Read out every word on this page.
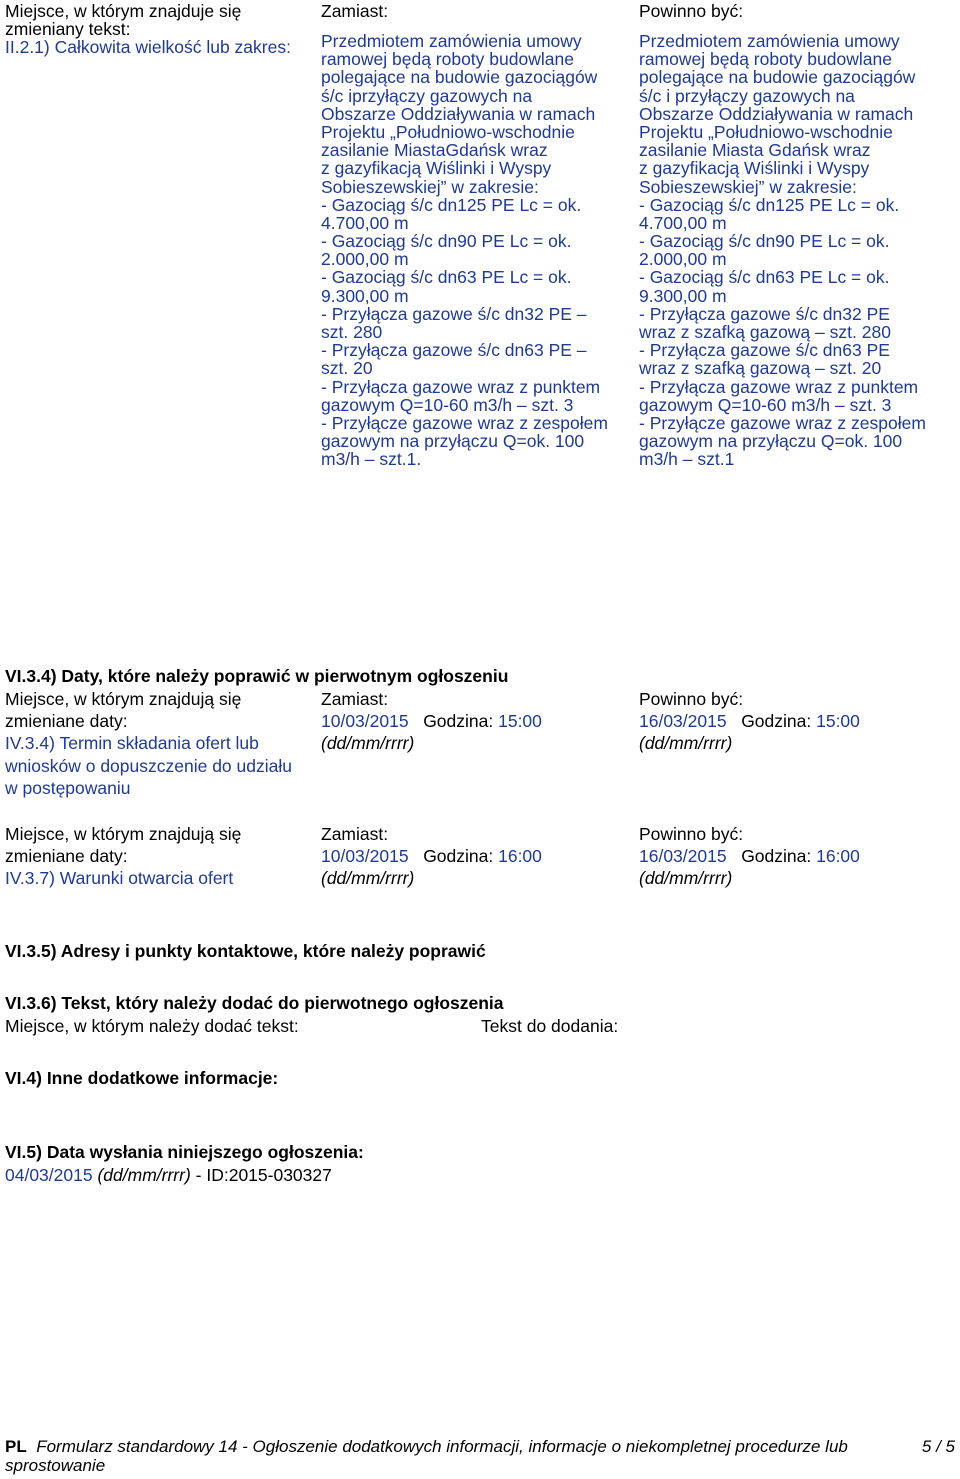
Miejsce, w którym znajduje się
zmieniany tekst:
II.2.1) Całkowita wielkość lub zakres:
Zamiast:	Powinno być:
Przedmiotem zamówienia umowy
ramowej będą roboty budowlane
polegające na budowie gazociągów
ś/c iprzyłączy gazowych na
Obszarze Oddziaływania w ramach
Projektu „Południowo-wschodnie
zasilanie MiastaGdańsk wraz
z gazyfikacją Wiślinki i Wyspy
Sobieszewskiej” w zakresie:
- Gazociąg ś/c dn125 PE Lc = ok.
4.700,00 m
- Gazociąg ś/c dn90 PE Lc = ok.
2.000,00 m
- Gazociąg ś/c dn63 PE Lc = ok.
9.300,00 m
- Przyłącza gazowe ś/c dn32 PE –
szt. 280
- Przyłącza gazowe ś/c dn63 PE –
szt. 20
- Przyłącza gazowe wraz z punktem
gazowym Q=10-60 m3/h – szt. 3
- Przyłącze gazowe wraz z zespołem
gazowym na przyłączu Q=ok. 100
m3/h – szt.1.
Przedmiotem zamówienia umowy
ramowej będą roboty budowlane
polegające na budowie gazociągów
ś/c i przyłączy gazowych na
Obszarze Oddziaływania w ramach
Projektu „Południowo-wschodnie
zasilanie Miasta Gdańsk wraz
z gazyfikacją Wiślinki i Wyspy
Sobieszewskiej” w zakresie:
- Gazociąg ś/c dn125 PE Lc = ok.
4.700,00 m
- Gazociąg ś/c dn90 PE Lc = ok.
2.000,00 m
- Gazociąg ś/c dn63 PE Lc = ok.
9.300,00 m
- Przyłącza gazowe ś/c dn32 PE
wraz z szafką gazową – szt. 280
- Przyłącza gazowe ś/c dn63 PE
wraz z szafką gazową – szt. 20
- Przyłącza gazowe wraz z punktem
gazowym Q=10-60 m3/h – szt. 3
- Przyłącze gazowe wraz z zespołem
gazowym na przyłączu Q=ok. 100
m3/h – szt.1
VI.3.4) Daty, które należy poprawić w pierwotnym ogłoszeniu
Miejsce, w którym znajdują się
zmieniane daty:
IV.3.4) Termin składania ofert lub
wniosków o dopuszczenie do udziału
w postępowaniu
Zamiast:
10/03/2015 Godzina: 15:00
(dd/mm/rrrr)
Powinno być:
16/03/2015 Godzina: 15:00
(dd/mm/rrrr)
Miejsce, w którym znajdują się
zmieniane daty:
IV.3.7) Warunki otwarcia ofert
Zamiast:
10/03/2015 Godzina: 16:00
(dd/mm/rrrr)
Powinno być:
16/03/2015 Godzina: 16:00
(dd/mm/rrrr)
VI.3.5) Adresy i punkty kontaktowe, które należy poprawić
VI.3.6) Tekst, który należy dodać do pierwotnego ogłoszenia
Miejsce, w którym należy dodać tekst:	Tekst do dodania:
VI.4) Inne dodatkowe informacje:
VI.5) Data wysłania niniejszego ogłoszenia:
04/03/2015 (dd/mm/rrrr) - ID:2015-030327
PL Formularz standardowy 14 - Ogłoszenie dodatkowych informacji, informacje o niekompletnej procedurze lub
sprostowanie
5 / 5
